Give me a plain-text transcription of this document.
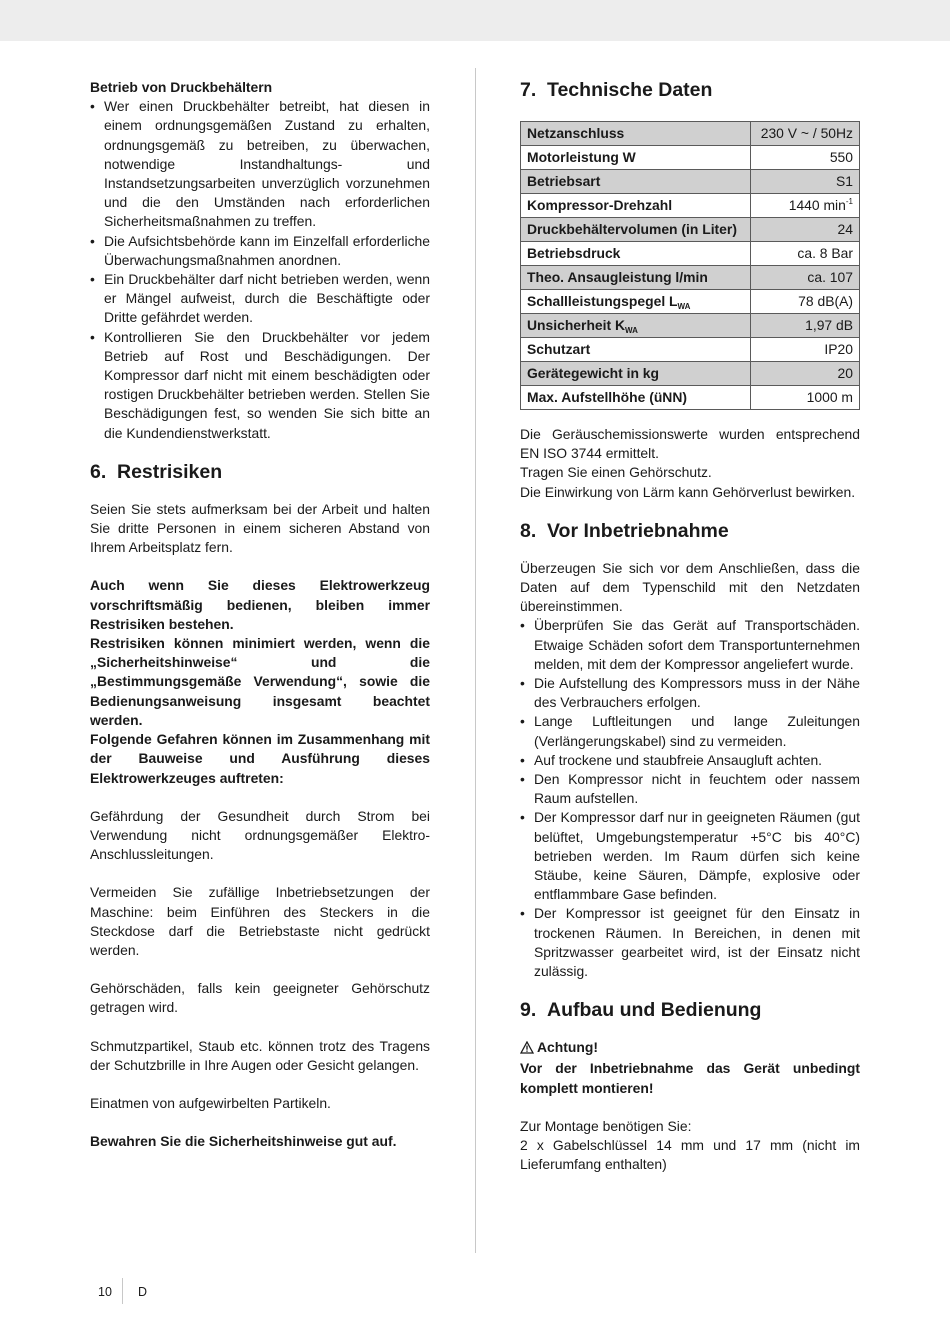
Betrieb von Druckbehältern

• Wer einen Druckbehälter betreibt, hat diesen in einem ordnungsgemäßen Zustand zu erhalten, ordnungsgemäß zu betreiben, zu überwachen, notwendige Instandhaltungs- und Instandsetzungsarbeiten unverzüglich vorzunehmen und die den Umständen nach erforderlichen Sicherheitsmaßnahmen zu treffen.
• Die Aufsichtsbehörde kann im Einzelfall erforderliche Überwachungsmaßnahmen anordnen.
• Ein Druckbehälter darf nicht betrieben werden, wenn er Mängel aufweist, durch die Beschäftigte oder Dritte gefährdet werden.
• Kontrollieren Sie den Druckbehälter vor jedem Betrieb auf Rost und Beschädigungen. Der Kompressor darf nicht mit einem beschädigten oder rostigen Druckbehälter betrieben werden. Stellen Sie Beschädigungen fest, so wenden Sie sich bitte an die Kundendienstwerkstatt.
6. Restrisiken

Seien Sie stets aufmerksam bei der Arbeit und halten Sie dritte Personen in einem sicheren Abstand von Ihrem Arbeitsplatz fern.

Auch wenn Sie dieses Elektrowerkzeug vorschriftsmäßig bedienen, bleiben immer Restrisiken bestehen.

Restrisiken können minimiert werden, wenn die „Sicherheitshinweise“ und die „Bestimmungsgemäße Verwendung“, sowie die Bedienungsanweisung insgesamt beachtet werden.

Folgende Gefahren können im Zusammenhang mit der Bauweise und Ausführung dieses Elektrowerkzeuges auftreten:

Gefährdung der Gesundheit durch Strom bei Verwendung nicht ordnungsgemäßer Elektro-Anschlussleitungen.

Vermeiden Sie zufällige Inbetriebsetzungen der Maschine: beim Einführen des Steckers in die Steckdose darf die Betriebstaste nicht gedrückt werden.

Gehörschäden, falls kein geeigneter Gehörschutz getragen wird.

Schmutzpartikel, Staub etc. können trotz des Tragens der Schutzbrille in Ihre Augen oder Gesicht gelangen.

Einatmen von aufgewirbelten Partikeln.

Bewahren Sie die Sicherheitshinweise gut auf.

7. Technische Daten
Netzanschluss	230 V ~ / 50Hz
Motorleistung W	550
Betriebsart	S1
Kompressor-Drehzahl	1440 $\min^{-1}$
Druckbehältervolumen (in Liter)	24
Betriebsdruck	ca. 8 Bar
Theo. Ansaugleistung l/min	ca. 107
Schallleistungspegel $L_{WA}$	78 dB(A)
Unsicherheit $K_{WA}$	1,97 dB
Schutzart	IP20
Gerätegewicht in kg	20
Max. Aufstellhöhe (üNN)	1000 m

Die Geräuschemissionswerte wurden entsprechend EN ISO 3744 ermittelt.

Tragen Sie einen Gehörschutz.

Die Einwirkung von Lärm kann Gehörverlust bewirken.

8. Vor Inbetriebnahme

Überzeugen Sie sich vor dem Anschließen, dass die Daten auf dem Typenschild mit den Netzdaten übereinstimmen.

• Überprüfen Sie das Gerät auf Transportschäden. Etwaige Schäden sofort dem Transportunternehmen melden, mit dem der Kompressor angeliefert wurde.
• Die Aufstellung des Kompressors muss in der Nähe des Verbrauchers erfolgen.
• Lange Luftleitungen und lange Zuleitungen (Verlängerungskabel) sind zu vermeiden.
• Auf trockene und staubfreie Ansaugluft achten.
• Den Kompressor nicht in feuchtem oder nassem Raum aufstellen.
• Der Kompressor darf nur in geeigneten Räumen (gut belüftet, Umgebungstemperatur +5°C bis 40°C) betrieben werden. Im Raum dürfen sich keine Stäube, keine Säuren, Dämpfe, explosive oder entflammbare Gase befinden.
• Der Kompressor ist geeignet für den Einsatz in trockenen Räumen. In Bereichen, in denen mit Spritzwasser gearbeitet wird, ist der Einsatz nicht zulässig.
9. Aufbau und Bedienung

Achtung!

Vor der Inbetriebnahme das Gerät unbedingt komplett montieren!

Zur Montage benötigen Sie:

2 x Gabelschlüssel 14 mm und 17 mm (nicht im Lieferumfang enthalten)

10 D
